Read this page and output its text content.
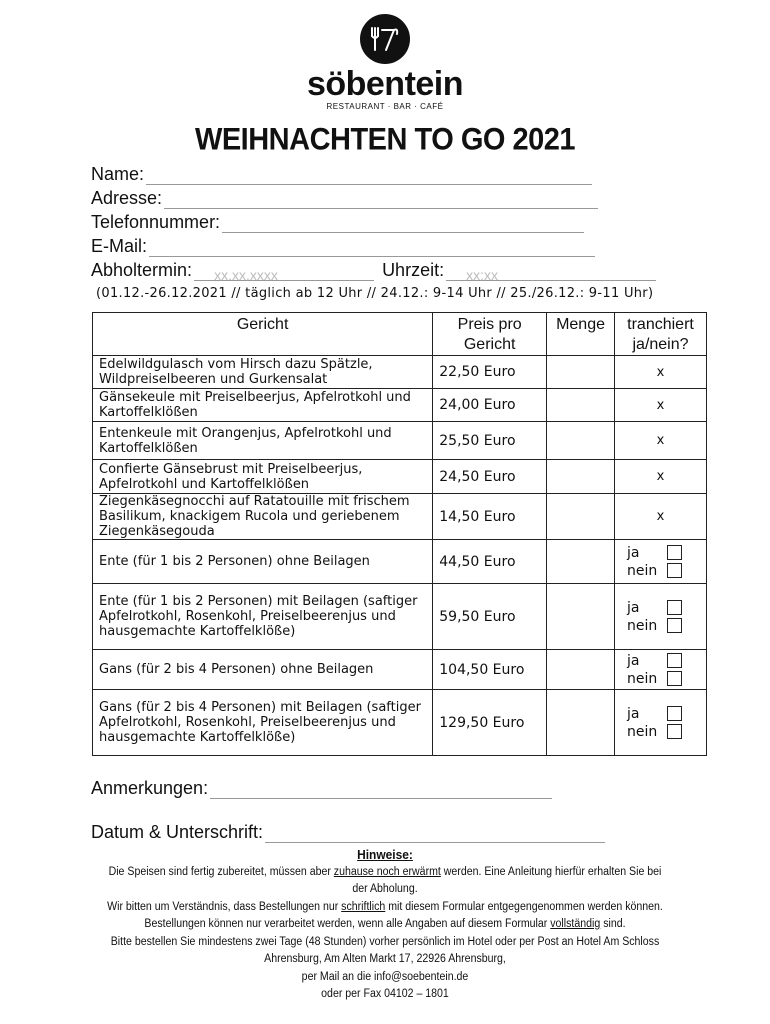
söbentein
RESTAURANT · BAR · CAFÉ
WEIHNACHTEN TO GO 2021
Name:
Adresse:
Telefonnummer:
E-Mail:
Abholtermin:	xx.xx.xxxx	Uhrzeit:	xx:xx
(01.12.-26.12.2021 // täglich ab 12 Uhr // 24.12.: 9-14 Uhr // 25./26.12.: 9-11 Uhr)
Gericht	Preis pro Gericht	Menge	tranchiert ja/nein?
Edelwildgulasch vom Hirsch dazu Spätzle, Wildpreiselbeeren und Gurkensalat	22,50 Euro		x
Gänsekeule mit Preiselbeerjus, Apfelrotkohl und Kartoffelklößen	24,00 Euro		x
Entenkeule mit Orangenjus, Apfelrotkohl und Kartoffelklößen	25,50 Euro		x
Confierte Gänsebrust mit Preiselbeerjus, Apfelrotkohl und Kartoffelklößen	24,50 Euro		x
Ziegenkäsegnocchi auf Ratatouille mit frischem Basilikum, knackigem Rucola und geriebenem Ziegenkäsegouda	14,50 Euro		x
Ente (für 1 bis 2 Personen) ohne Beilagen	44,50 Euro		ja
nein

Ente (für 1 bis 2 Personen) mit Beilagen (saftiger Apfelrotkohl, Rosenkohl, Preiselbeerenjus und hausgemachte Kartoffelklöße)	59,50 Euro		ja
nein

Gans (für 2 bis 4 Personen) ohne Beilagen	104,50 Euro		ja
nein

Gans (für 2 bis 4 Personen) mit Beilagen (saftiger Apfelrotkohl, Rosenkohl, Preiselbeerenjus und hausgemachte Kartoffelklöße)	129,50 Euro		ja
nein
Anmerkungen:
Datum & Unterschrift:
Hinweise:
Die Speisen sind fertig zubereitet, müssen aber zuhause noch erwärmt werden. Eine Anleitung hierfür erhalten Sie bei der Abholung.
Wir bitten um Verständnis, dass Bestellungen nur schriftlich mit diesem Formular entgegengenommen werden können. Bestellungen können nur verarbeitet werden, wenn alle Angaben auf diesem Formular vollständig sind.
Bitte bestellen Sie mindestens zwei Tage (48 Stunden) vorher persönlich im Hotel oder per Post an Hotel Am Schloss Ahrensburg, Am Alten Markt 17, 22926 Ahrensburg,
per Mail an die info@soebentein.de
oder per Fax 04102 – 1801
